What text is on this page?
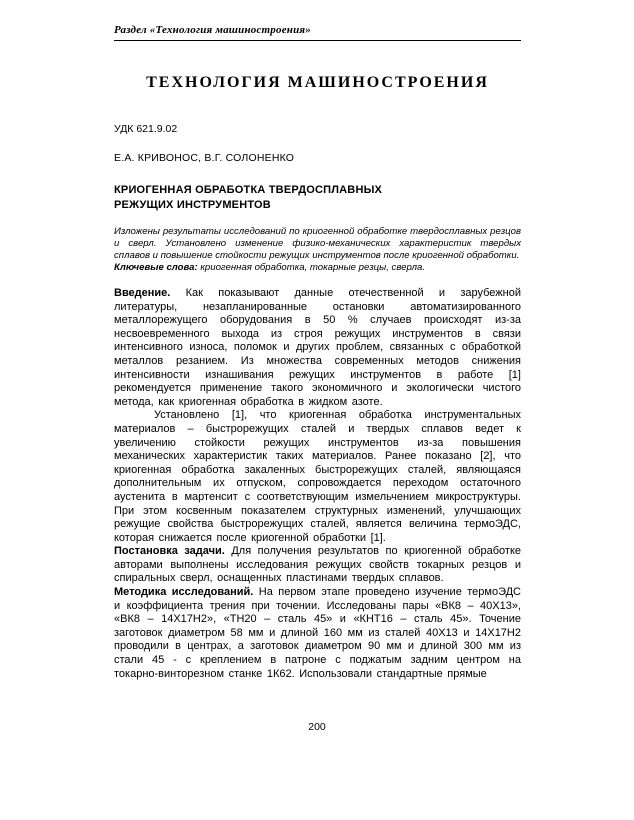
Раздел «Технология машиностроения»
ТЕХНОЛОГИЯ МАШИНОСТРОЕНИЯ
УДК 621.9.02
Е.А. КРИВОНОС, В.Г. СОЛОНЕНКО
КРИОГЕННАЯ ОБРАБОТКА ТВЕРДОСПЛАВНЫХ
РЕЖУЩИХ ИНСТРУМЕНТОВ
Изложены результаты исследований по криогенной обработке твердосплавных резцов и сверл. Установлено изменение физико-механических характеристик твердых сплавов и повышение стойкости режущих инструментов после криогенной обработки.
Ключевые слова: криогенная обработка, токарные резцы, сверла.

Введение. Как показывают данные отечественной и зарубежной литературы, незапланированные остановки автоматизированного металлорежущего оборудования в 50 % случаев происходят из-за несвоевременного выхода из строя режущих инструментов в связи интенсивного износа, поломок и других проблем, связанных с обработкой металлов резанием. Из множества современных методов снижения интенсивности изнашивания режущих инструментов в работе [1] рекомендуется применение такого экономичного и экологически чистого метода, как криогенная обработка в жидком азоте.

Установлено [1], что криогенная обработка инструментальных материалов – быстрорежущих сталей и твердых сплавов ведет к увеличению стойкости режущих инструментов из-за повышения механических характеристик таких материалов. Ранее показано [2], что криогенная обработка закаленных быстрорежущих сталей, являющаяся дополнительным их отпуском, сопровождается переходом остаточного аустенита в мартенсит с соответствующим измельчением микроструктуры. При этом косвенным показателем структурных изменений, улучшающих режущие свойства быстрорежущих сталей, является величина термоЭДС, которая снижается после криогенной обработки [1].

Постановка задачи. Для получения результатов по криогенной обработке авторами выполнены исследования режущих свойств токарных резцов и спиральных сверл, оснащенных пластинами твердых сплавов.

Методика исследований. На первом этапе проведено изучение термоЭДС и коэффициента трения при точении. Исследованы пары «ВК8 – 40Х13», «ВК8 – 14Х17Н2», «ТН20 – сталь 45» и «КНТ16 – сталь 45». Точение заготовок диаметром 58 мм и длиной 160 мм из сталей 40Х13 и 14Х17Н2 проводили в центрах, а заготовок диаметром 90 мм и длиной 300 мм из стали 45 - с креплением в патроне с поджатым задним центром на токарно-винторезном станке 1К62. Использовали стандартные прямые

200
